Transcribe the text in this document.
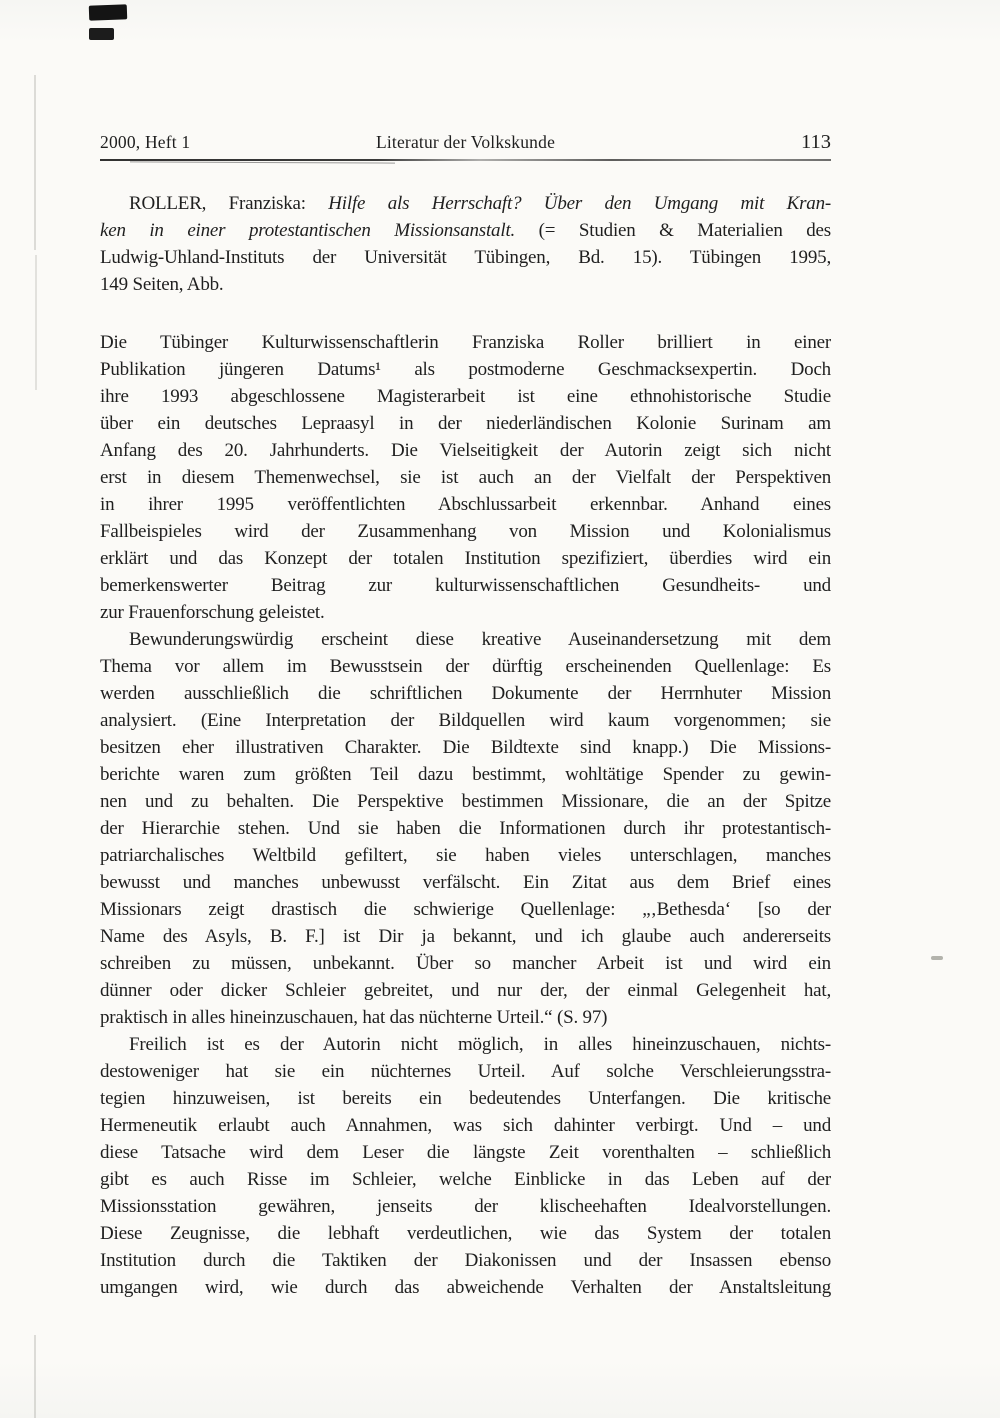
2000, Heft 1	Literatur der Volkskunde	113
ROLLER, Franziska: Hilfe als Herrschaft? Über den Umgang mit Kran-
ken in einer protestantischen Missionsanstalt. (= Studien & Materialien des
Ludwig-Uhland-Instituts der Universität Tübingen, Bd. 15). Tübingen 1995,
149 Seiten, Abb.
Die Tübinger Kulturwissenschaftlerin Franziska Roller brilliert in einer
Publikation jüngeren Datums¹ als postmoderne Geschmacksexpertin. Doch
ihre 1993 abgeschlossene Magisterarbeit ist eine ethnohistorische Studie
über ein deutsches Lepraasyl in der niederländischen Kolonie Surinam am
Anfang des 20. Jahrhunderts. Die Vielseitigkeit der Autorin zeigt sich nicht
erst in diesem Themenwechsel, sie ist auch an der Vielfalt der Perspektiven
in ihrer 1995 veröffentlichten Abschlussarbeit erkennbar. Anhand eines
Fallbeispieles wird der Zusammenhang von Mission und Kolonialismus
erklärt und das Konzept der totalen Institution spezifiziert, überdies wird ein
bemerkenswerter Beitrag zur kulturwissenschaftlichen Gesundheits- und
zur Frauenforschung geleistet.
Bewunderungswürdig erscheint diese kreative Auseinandersetzung mit dem
Thema vor allem im Bewusstsein der dürftig erscheinenden Quellenlage: Es
werden ausschließlich die schriftlichen Dokumente der Herrnhuter Mission
analysiert. (Eine Interpretation der Bildquellen wird kaum vorgenommen; sie
besitzen eher illustrativen Charakter. Die Bildtexte sind knapp.) Die Missions-
berichte waren zum größten Teil dazu bestimmt, wohltätige Spender zu gewin-
nen und zu behalten. Die Perspektive bestimmen Missionare, die an der Spitze
der Hierarchie stehen. Und sie haben die Informationen durch ihr protestantisch-
patriarchalisches Weltbild gefiltert, sie haben vieles unterschlagen, manches
bewusst und manches unbewusst verfälscht. Ein Zitat aus dem Brief eines
Missionars zeigt drastisch die schwierige Quellenlage: „‚Bethesda‘ [so der
Name des Asyls, B. F.] ist Dir ja bekannt, und ich glaube auch andererseits
schreiben zu müssen, unbekannt. Über so mancher Arbeit ist und wird ein
dünner oder dicker Schleier gebreitet, und nur der, der einmal Gelegenheit hat,
praktisch in alles hineinzuschauen, hat das nüchterne Urteil.“ (S. 97)
Freilich ist es der Autorin nicht möglich, in alles hineinzuschauen, nichts-
destoweniger hat sie ein nüchternes Urteil. Auf solche Verschleierungsstra-
tegien hinzuweisen, ist bereits ein bedeutendes Unterfangen. Die kritische
Hermeneutik erlaubt auch Annahmen, was sich dahinter verbirgt. Und – und
diese Tatsache wird dem Leser die längste Zeit vorenthalten – schließlich
gibt es auch Risse im Schleier, welche Einblicke in das Leben auf der
Missionsstation gewähren, jenseits der klischeehaften Idealvorstellungen.
Diese Zeugnisse, die lebhaft verdeutlichen, wie das System der totalen
Institution durch die Taktiken der Diakonissen und der Insassen ebenso
umgangen wird, wie durch das abweichende Verhalten der Anstaltsleitung
